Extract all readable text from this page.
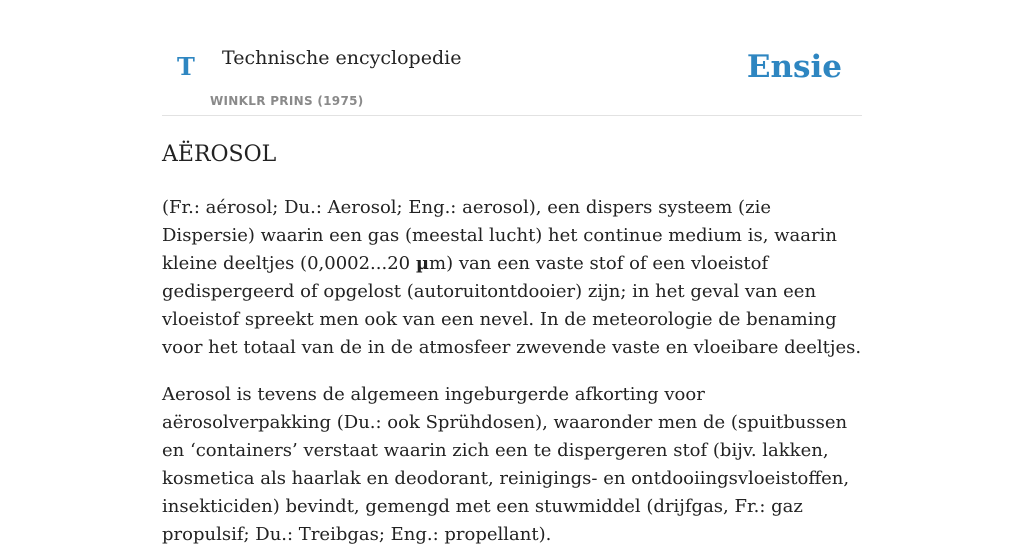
T Technische encyclopedie
WINKLR PRINS (1975)
Ensie
AËROSOL

(Fr.: aérosol; Du.: Aerosol; Eng.: aerosol), een dispers systeem (zie Dispersie) waarin een gas (meestal lucht) het continue medium is, waarin kleine deeltjes (0,0002...20 µm) van een vaste stof of een vloeistof gedispergeerd of opgelost (autoruitontdooier) zijn; in het geval van een vloeistof spreekt men ook van een nevel. In de meteorologie de benaming voor het totaal van de in de atmosfeer zwevende vaste en vloeibare deeltjes.

Aerosol is tevens de algemeen ingeburgerde afkorting voor aërosolverpakking (Du.: ook Sprühdosen), waaronder men de (spuitbussen en ‘containers’ verstaat waarin zich een te dispergeren stof (bijv. lakken, kosmetica als haarlak en deodorant, reinigings- en ontdooiingsvloeistoffen, insekticiden) bevindt, gemengd met een stuwmiddel (drijfgas, Fr.: gaz propulsif; Du.: Treibgas; Eng.: propellant).
